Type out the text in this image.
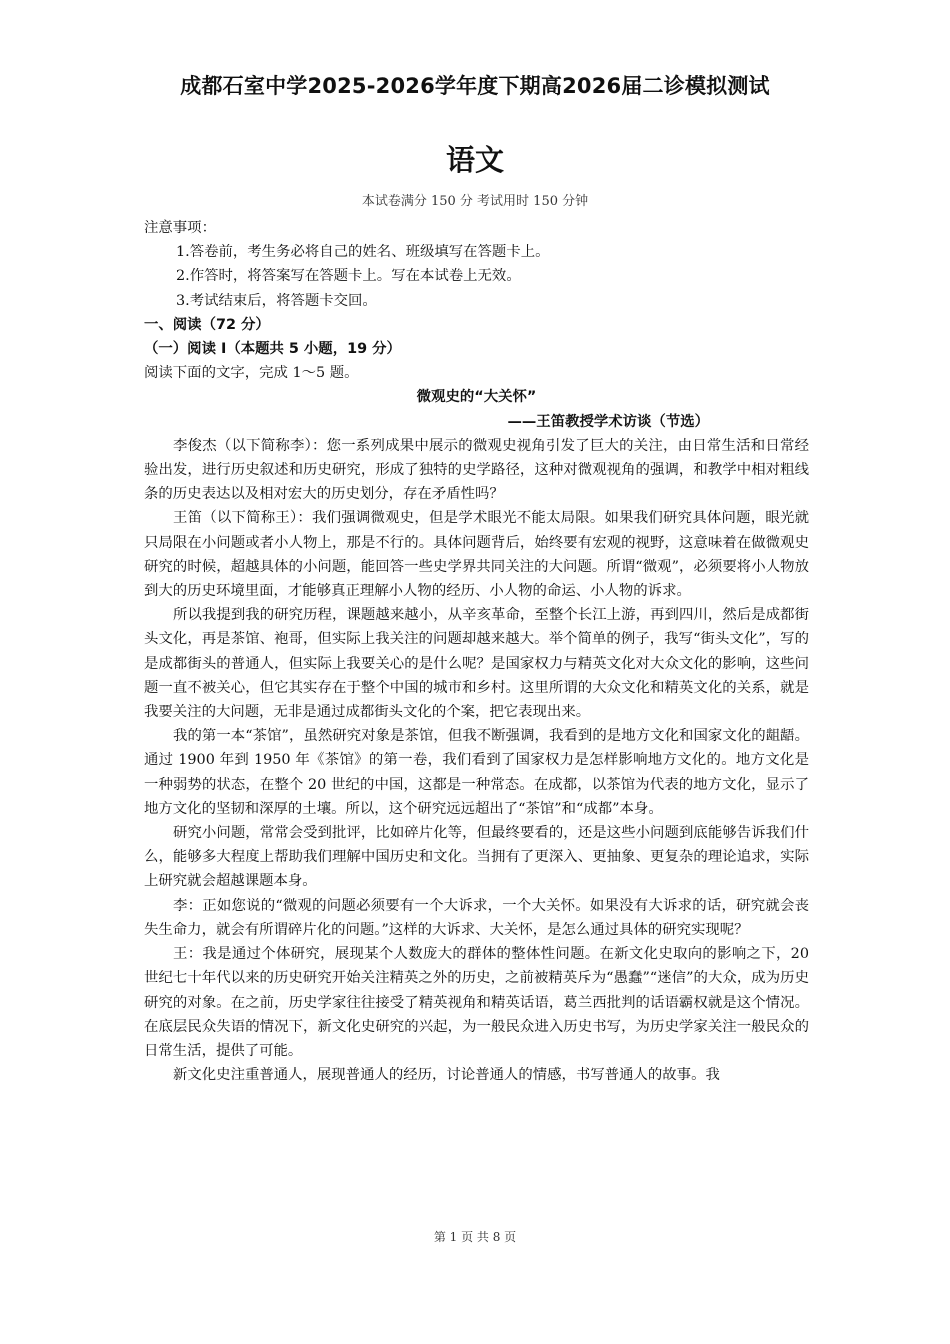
成都石室中学2025-2026学年度下期高2026届二诊模拟测试
语文
本试卷满分 150 分 考试用时 150 分钟

注意事项：

1.答卷前，考生务必将自己的姓名、班级填写在答题卡上。

2.作答时，将答案写在答题卡上。写在本试卷上无效。

3.考试结束后，将答题卡交回。

一、阅读（72 分）

（一）阅读 I（本题共 5 小题，19 分）

阅读下面的文字，完成 1～5 题。

微观史的“大关怀”

——王笛教授学术访谈（节选）

李俊杰（以下简称李）：您一系列成果中展示的微观史视角引发了巨大的关注，由日常生活和日常经验出发，进行历史叙述和历史研究，形成了独特的史学路径，这种对微观视角的强调，和教学中相对粗线条的历史表达以及相对宏大的历史划分，存在矛盾性吗？

王笛（以下简称王）：我们强调微观史，但是学术眼光不能太局限。如果我们研究具体问题，眼光就只局限在小问题或者小人物上，那是不行的。具体问题背后，始终要有宏观的视野，这意味着在做微观史研究的时候，超越具体的小问题，能回答一些史学界共同关注的大问题。所谓“微观”，必须要将小人物放到大的历史环境里面，才能够真正理解小人物的经历、小人物的命运、小人物的诉求。

所以我提到我的研究历程，课题越来越小，从辛亥革命，至整个长江上游，再到四川，然后是成都街头文化，再是茶馆、袍哥，但实际上我关注的问题却越来越大。举个简单的例子，我写“街头文化”，写的是成都街头的普通人，但实际上我要关心的是什么呢？是国家权力与精英文化对大众文化的影响，这些问题一直不被关心，但它其实存在于整个中国的城市和乡村。这里所谓的大众文化和精英文化的关系，就是我要关注的大问题，无非是通过成都街头文化的个案，把它表现出来。

我的第一本“茶馆”，虽然研究对象是茶馆，但我不断强调，我看到的是地方文化和国家文化的龃龉。通过 1900 年到 1950 年《茶馆》的第一卷，我们看到了国家权力是怎样影响地方文化的。地方文化是一种弱势的状态，在整个 20 世纪的中国，这都是一种常态。在成都，以茶馆为代表的地方文化，显示了地方文化的坚韧和深厚的土壤。所以，这个研究远远超出了“茶馆”和“成都”本身。

研究小问题，常常会受到批评，比如碎片化等，但最终要看的，还是这些小问题到底能够告诉我们什么，能够多大程度上帮助我们理解中国历史和文化。当拥有了更深入、更抽象、更复杂的理论追求，实际上研究就会超越课题本身。

李：正如您说的“微观的问题必须要有一个大诉求，一个大关怀。如果没有大诉求的话，研究就会丧失生命力，就会有所谓碎片化的问题。”这样的大诉求、大关怀，是怎么通过具体的研究实现呢？

王：我是通过个体研究，展现某个人数庞大的群体的整体性问题。在新文化史取向的影响之下，20 世纪七十年代以来的历史研究开始关注精英之外的历史，之前被精英斥为“愚蠢”“迷信”的大众，成为历史研究的对象。在之前，历史学家往往接受了精英视角和精英话语，葛兰西批判的话语霸权就是这个情况。在底层民众失语的情况下，新文化史研究的兴起，为一般民众进入历史书写，为历史学家关注一般民众的日常生活，提供了可能。

新文化史注重普通人，展现普通人的经历，讨论普通人的情感，书写普通人的故事。我

第 1 页 共 8 页
